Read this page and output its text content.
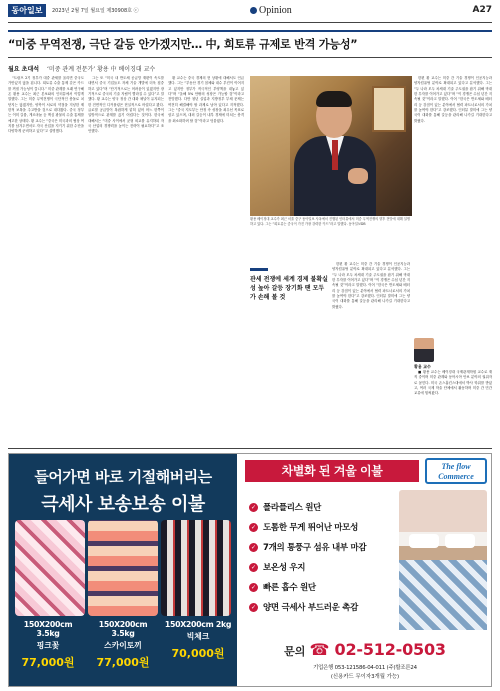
동아일보	2023년 2월 7일 월요일 제30908호 ⓒ	Opinion	A27
“미중 무역전쟁, 극단 갈등 안가겠지만… 中, 희토류 규제로 반격 가능성”
월요 초대석 ‘미중 관계 전문가’ 황용 中 베이징대 교수

“트럼프 2기 정부가 대중 관세를 올리면 중국도 가만있지 않을 겁니다. 희토류 수출 통제 같은 카드를 꺼낼 가능성이 큽니다.” 미중 관계를 오래 연구해온 황용 교수는 최근 본보와의 인터뷰에서 이렇게 말했다. 그는 미중 무역전쟁이 극단적인 충돌로 치닫지는 않겠지만, 양측이 서로의 약점을 겨냥한 제한적 보복을 주고받을 것으로 내다봤다. 중국 정부는 이미 갈륨, 게르마늄 등 핵심 광물의 수출 통제를 예고한 상태다. 황 교수는 “중국은 미국과의 협상 여지를 남겨두면서도 자국 산업을 지키기 위한 수단을 다양하게 준비하고 있다”고 설명했다.

그는 또 “미국 내 반도체 공급망 재편이 속도를 내면서 중국 기업들도 자체 기술 개발에 더욱 집중하고 있다”며 “단기적으로는 어려움이 있겠지만 장기적으로 중국의 기술 자립이 빨라질 수 있다”고 말했다. 황 교수는 양국 정상 간 대화 채널이 유지되는 한 전면적인 디커플링은 현실적으로 어렵다고 봤다. 글로벌 공급망이 복잡하게 얽혀 있어 어느 한쪽이 일방적으로 관계를 끊기 어렵다는 것이다. 한국에 대해서는 “미중 사이에서 균형 외교를 유지하되 자국 산업의 경쟁력을 높이는 전략이 필요하다”고 조언했다.

황 교수는 중국 경제의 현 상황에 대해서도 언급했다. 그는 “부동산 경기 침체와 내수 부진이 이어지고 있지만 정부가 적극적인 부양책을 내놓고 있다”며 “올해 5% 안팎의 성장은 가능할 것”이라고 전망했다. 다만 청년 실업과 지방정부 부채 문제는 여전히 해결해야 할 과제로 남아 있다고 지적했다. 그는 “중국 지도부는 안정 속 성장을 최우선 목표로 삼고 있으며, 대외 갈등이 내부 경제에 미치는 충격을 최소화하려 할 것”이라고 덧붙였다.

황용 베이징대 교수가 최근 서울 중구 동아일보 사옥에서 진행된 인터뷰에서 미중 무역전쟁의 향후 전망에 대해 설명하고 있다. 그는 “희토류는 중국이 가진 가장 강력한 카드”라고 말했다. 동아일보DB
관세 전쟁에 세계 경제 불확실성 높아 갈등 장기화 땐 모두가 손해 볼 것

한편 황 교수는 미중 간 기술 경쟁이 인공지능과 양자컴퓨팅 분야로 확대되고 있다고 분석했다. 그는 “두 나라 모두 차세대 기술 주도권을 잡기 위해 막대한 투자를 이어가고 있다”며 “이 경쟁은 수십 년간 지속될 것”이라고 말했다. 이어 “한국은 반도체와 배터리 등 강점이 있는 분야에서 협력 파트너로서의 가치를 높여야 한다”고 강조했다. 인터뷰 말미에 그는 양국이 대화를 통해 갈등을 관리해 나가길 기대한다고 밝혔다.

한편 황 교수는 미중 간 기술 경쟁이 인공지능과 양자컴퓨팅 분야로 확대되고 있다고 분석했다. 그는 “두 나라 모두 차세대 기술 주도권을 잡기 위해 막대한 투자를 이어가고 있다”며 “이 경쟁은 수십 년간 지속될 것”이라고 말했다. 이어 “한국은 반도체와 배터리 등 강점이 있는 분야에서 협력 파트너로서의 가치를 높여야 한다”고 강조했다. 인터뷰 말미에 그는 양국이 대화를 통해 갈등을 관리해 나가길 기대한다고 밝혔다.

황용 교수

■ 황용 교수는 베이징대 국제관계학원 교수로 재직 중이며 미중 관계와 동아시아 안보 분야의 권위자로 꼽힌다. 미국 존스홉킨스대에서 박사 학위를 받았고, 여러 국제 학술 단체에서 활동하며 미중 간 민간 교류에 힘써왔다.

들어가면 바로 기절해버리는
극세사 보송보송 이불
150X200cm 3.5kg
핑크꽃
77,000원
150X200cm 3.5kg
스카이토끼
77,000원
150X200cm 2kg
빅체크
70,000원
차별화 된 겨울 이불	The flow Commerce
✓ 폴라플리스 원단
✓ 도톰한 무게 뛰어난 마모성
✓ 7개의 통풍구 섬유 내부 마감
✓ 보온성 우지
✓ 빠른 흡수 원단
✓ 양면 극세사 부드러운 촉감
문의 ☎ 02-512-0503
기업은행 053-121586-04-011 (주)할조른24
(신용카드 무이자3개월 가능)
